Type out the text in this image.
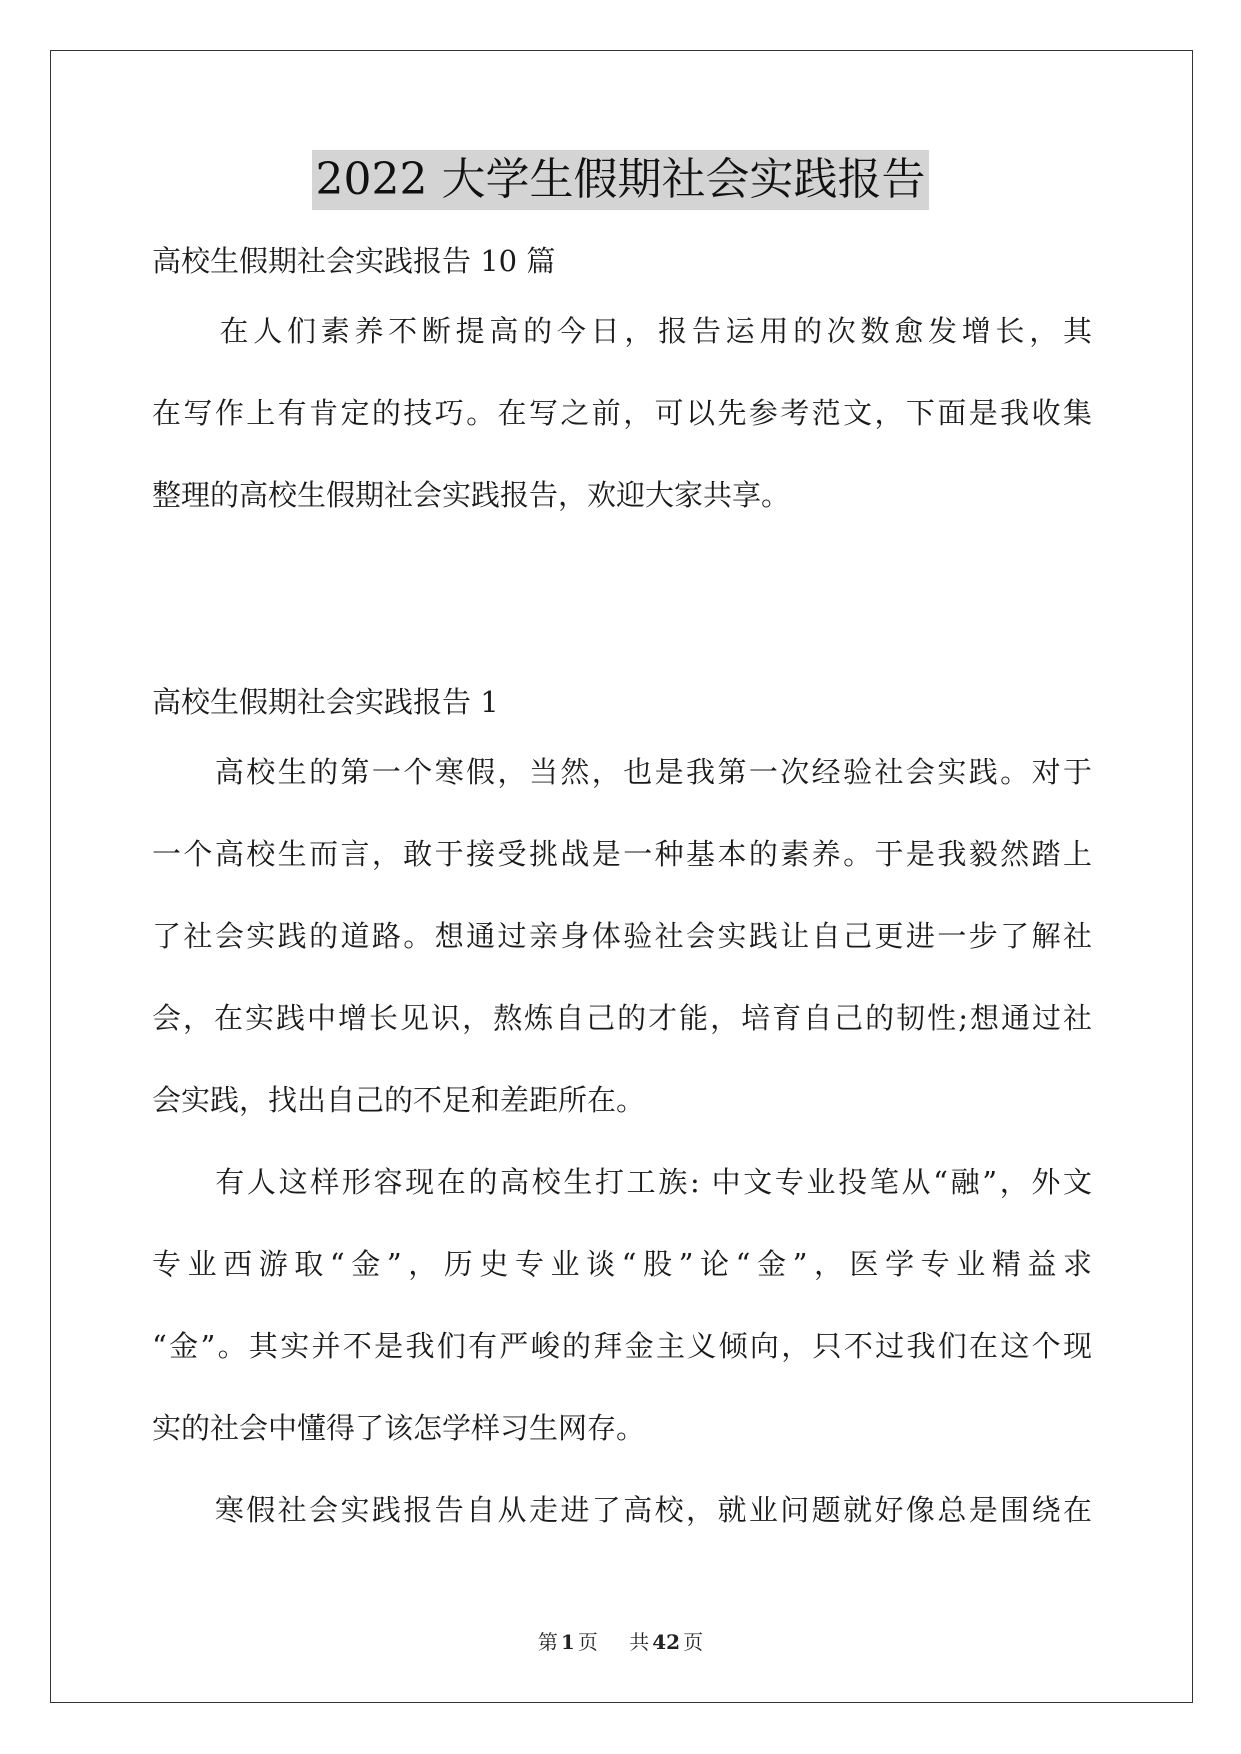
2022 大学生假期社会实践报告
高校生假期社会实践报告 10 篇
　　在人们素养不断提高的今日，报告运用的次数愈发增长，其
在写作上有肯定的技巧。在写之前，可以先参考范文，下面是我收集
整理的高校生假期社会实践报告，欢迎大家共享。
高校生假期社会实践报告 1
　　高校生的第一个寒假，当然，也是我第一次经验社会实践。对于
一个高校生而言，敢于接受挑战是一种基本的素养。于是我毅然踏上
了社会实践的道路。想通过亲身体验社会实践让自己更进一步了解社
会，在实践中增长见识，熬炼自己的才能，培育自己的韧性;想通过社
会实践，找出自己的不足和差距所在。
　　有人这样形容现在的高校生打工族: 中文专业投笔从“融”，外文
专业西游取“金”，历史专业谈“股”论“金”，医学专业精益求
“金”。其实并不是我们有严峻的拜金主义倾向，只不过我们在这个现
实的社会中懂得了该怎学样习生网存。
　　寒假社会实践报告自从走进了高校，就业问题就好像总是围绕在
第 1 页 共 42 页
